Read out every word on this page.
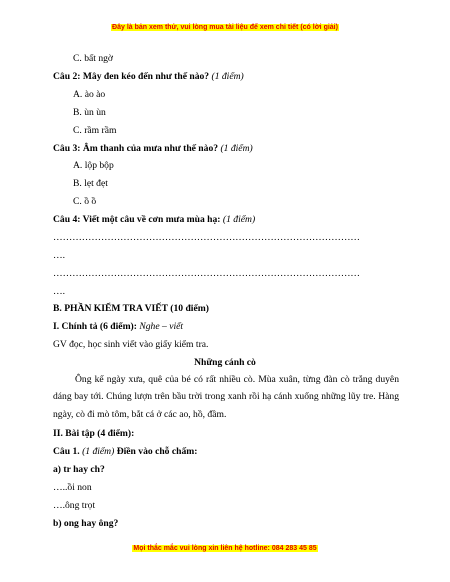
Đây là bản xem thử, vui lòng mua tài liệu để xem chi tiết (có lời giải)
C. bất ngờ
Câu 2: Mây đen kéo đến như thế nào? (1 điểm)
A. ào ào
B. ùn ùn
C. rầm rầm
Câu 3: Âm thanh của mưa như thế nào? (1 điểm)
A. lộp bộp
B. lẹt đẹt
C. ồ ồ
Câu 4: Viết một câu về cơn mưa mùa hạ: (1 điểm)
……………………………………………………………………………………
….
……………………………………………………………………………………
….
B. PHẦN KIỂM TRA VIẾT (10 điểm)
I. Chính tả (6 điểm): Nghe – viết
GV đọc, học sinh viết vào giấy kiểm tra.
Những cánh cò
Ông kể ngày xưa, quê của bé có rất nhiều cò. Mùa xuân, từng đàn cò trắng duyên dáng bay tới. Chúng lượn trên bầu trời trong xanh rồi hạ cánh xuống những lũy tre. Hàng ngày, cò đi mò tôm, bắt cá ở các ao, hồ, đầm.
II. Bài tập (4 điểm):
Câu 1. (1 điểm) Điền vào chỗ chấm:
a) tr hay ch?
…..ồi non
….ông trọt
b) ong hay ông?
Mọi thắc mắc vui lòng xin liên hệ hotline: 084 283 45 85
